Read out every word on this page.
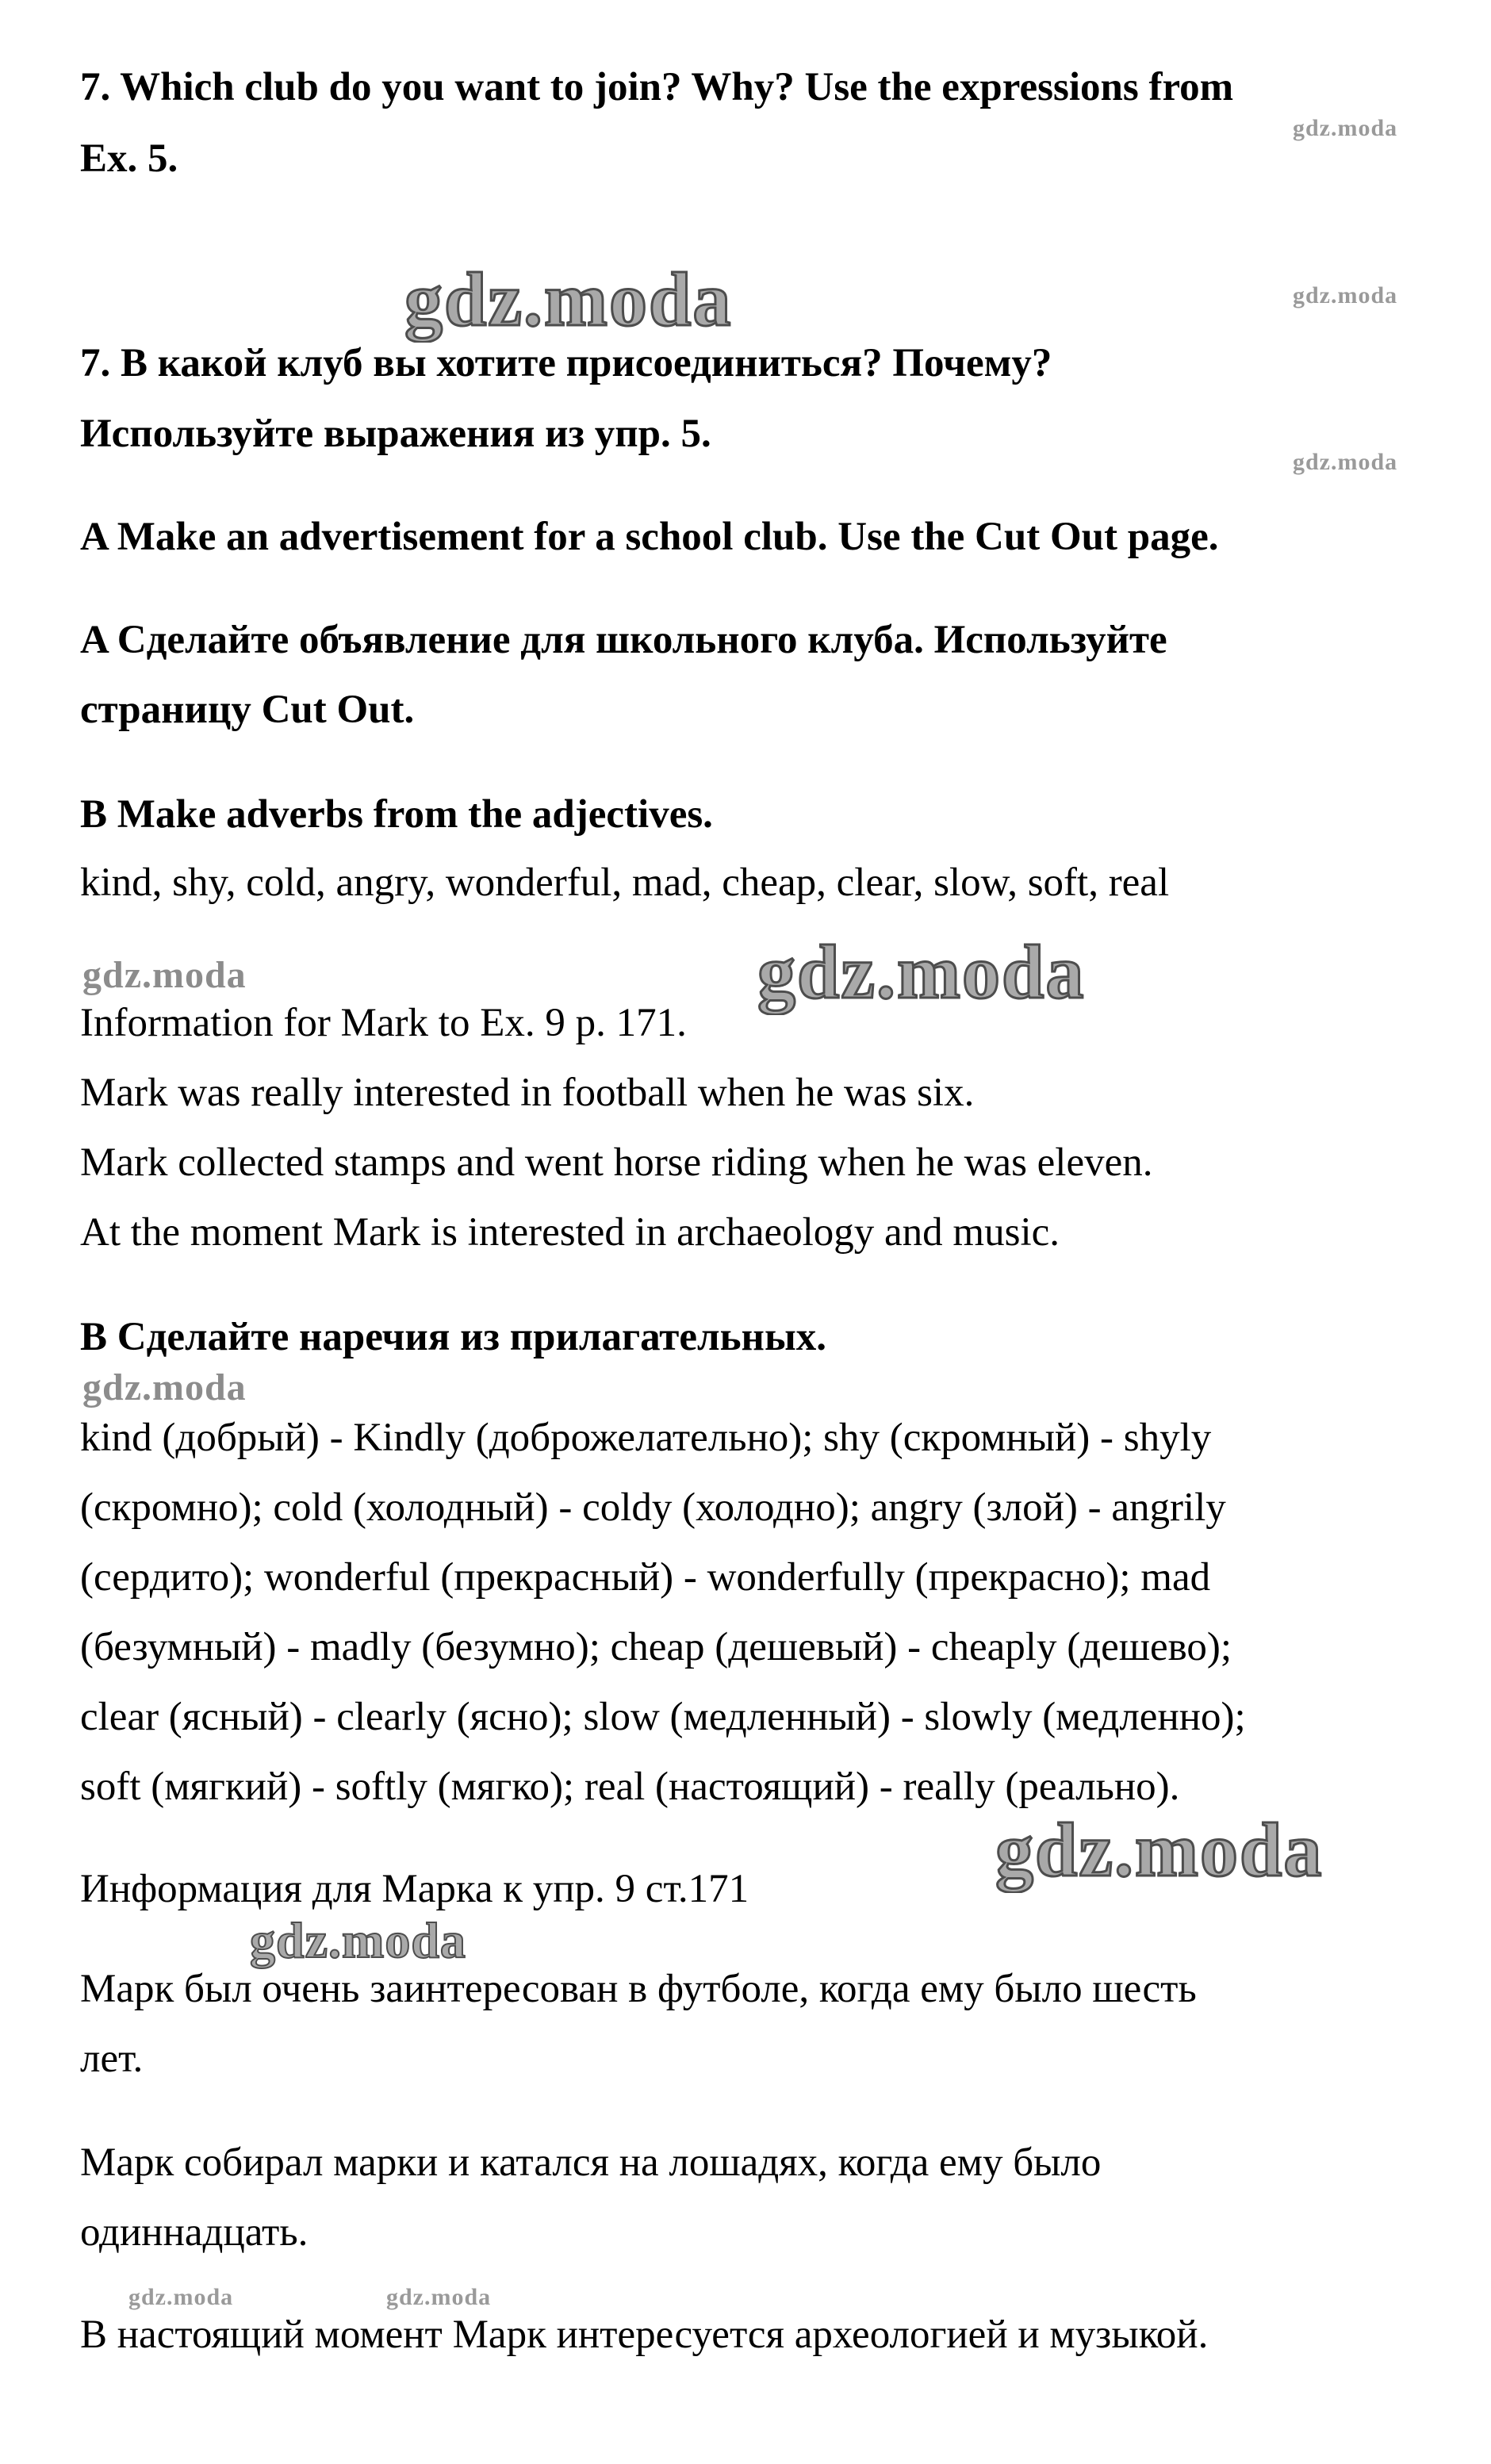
7. Which club do you want to join? Why? Use the expressions from
Ex. 5.
7. В какой клуб вы хотите присоединиться? Почему?
Используйте выражения из упр. 5.
A Make an advertisement for a school club. Use the Cut Out page.
A Сделайте объявление для школьного клуба. Используйте
страницу Cut Out.
B Make adverbs from the adjectives.
kind, shy, cold, angry, wonderful, mad, cheap, clear, slow, soft, real
Information for Mark to Ex. 9 p. 171.
Mark was really interested in football when he was six.
Mark collected stamps and went horse riding when he was eleven.
At the moment Mark is interested in archaeology and music.
B Сделайте наречия из прилагательных.
kind (добрый) - Kindly (доброжелательно); shy (скромный) - shyly
(скромно); cold (холодный) - coldy (холодно); angry (злой) - angrily
(сердито); wonderful (прекрасный) - wonderfully (прекрасно); mad
(безумный) - madly (безумно); cheap (дешевый) - cheaply (дешево);
clear (ясный) - clearly (ясно); slow (медленный) - slowly (медленно);
soft (мягкий) - softly (мягко); real (настоящий) - really (реально).
Информация для Марка к упр. 9 ст.171
Марк был очень заинтересован в футболе, когда ему было шесть
лет.
Марк собирал марки и катался на лошадях, когда ему было
одиннадцать.
В настоящий момент Марк интересуется археологией и музыкой.
gdz.moda
gdz.moda	gdz.moda
gdz.moda
gdz.moda	gdz.moda
gdz.moda
gdz.moda
gdz.moda
gdz.moda	gdz.moda
